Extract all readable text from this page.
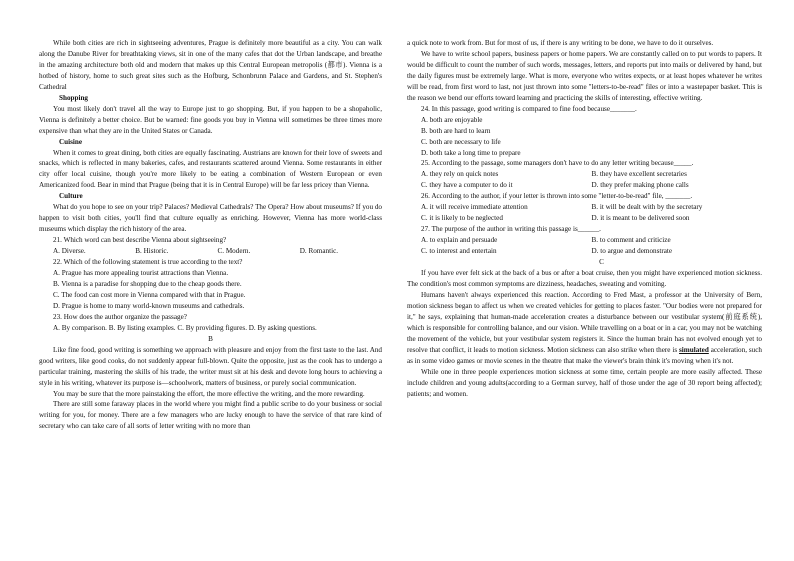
While both cities are rich in sightseeing adventures, Prague is definitely more beautiful as a city. You can walk along the Danube River for breathtaking views, sit in one of the many cafes that dot the Urban landscape, and breathe in the amazing architecture both old and modern that makes up this Central European metropolis (都市). Vienna is a hotbed of history, home to such great sites such as the Hofburg, Schonbrunn Palace and Gardens, and St. Stephen's Cathedral

Shopping

You most likely don't travel all the way to Europe just to go shopping. But, if you happen to be a shopaholic, Vienna is definitely a better choice. But be warned: fine goods you buy in Vienna will sometimes be three times more expensive than what they are in the United States or Canada.

Cuisine

When it comes to great dining, both cities are equally fascinating. Austrians are known for their love of sweets and snacks, which is reflected in many bakeries, cafes, and restaurants scattered around Vienna. Some restaurants in either city offer local cuisine, though you're more likely to be eating a combination of Western European or even Americanized food. Bear in mind that Prague (being that it is in Central Europe) will be far less pricey than Vienna.

Culture

What do you hope to see on your trip? Palaces? Medieval Cathedrals? The Opera? How about museums? If you do happen to visit both cities, you'll find that culture equally as enriching. However, Vienna has more world-class museums which display the rich history of the area.

21. Which word can best describe Vienna about sightseeing?

A. Diverse.	B. Historic.	C. Modern.	D. Romantic.

22. Which of the following statement is true according to the text?

A. Prague has more appealing tourist attractions than Vienna.

B. Vienna is a paradise for shopping due to the cheap goods there.

C. The food can cost more in Vienna compared with that in Prague.

D. Prague is home to many world-known museums and cathedrals.

23. How does the author organize the passage?

A. By comparison. B. By listing examples. C. By providing figures. D. By asking questions.

B

Like fine food, good writing is something we approach with pleasure and enjoy from the first taste to the last. And good writers, like good cooks, do not suddenly appear full-blown. Quite the opposite, just as the cook has to undergo a particular training, mastering the skills of his trade, the writer must sit at his desk and devote long hours to achieving a style in his writing, whatever its purpose is—schoolwork, matters of business, or purely social communication.

You may be sure that the more painstaking the effort, the more effective the writing, and the more rewarding.

There are still some faraway places in the world where you might find a public scribe to do your business or social writing for you, for money. There are a few managers who are lucky enough to have the service of that rare kind of secretary who can take care of all sorts of letter writing with no more than

a quick note to work from. But for most of us, if there is any writing to be done, we have to do it ourselves.

We have to write school papers, business papers or home papers. We are constantly called on to put words to papers. It would be difficult to count the number of such words, messages, letters, and reports put into mails or delivered by hand, but the daily figures must be extremely large. What is more, everyone who writes expects, or at least hopes whatever he writes will be read, from first word to last, not just thrown into some "letters-to-be-read" files or into a wastepaper basket. This is the reason we bend our efforts toward learning and practicing the skills of interesting, effective writing.

24. In this passage, good writing is compared to fine food because_______.

A. both are enjoyable

B. both are hard to learn

C. both are necessary to life

D. both take a long time to prepare

25. According to the passage, some managers don't have to do any letter writing because_____.

A. they rely on quick notes	B. they have excellent secretaries
C. they have a computer to do it	D. they prefer making phone calls

26. According to the author, if your letter is thrown into some "letter-to-be-read" file, _______.

A. it will receive immediate attention	B. it will be dealt with by the secretary
C. it is likely to be neglected	D. it is meant to be delivered soon

27. The purpose of the author in writing this passage is______.

A. to explain and persuade	B. to comment and criticize
C. to interest and entertain	D. to argue and demonstrate

C

If you have ever felt sick at the back of a bus or after a boat cruise, then you might have experienced motion sickness. The condition's most common symptoms are dizziness, headaches, sweating and vomiting.

Humans haven't always experienced this reaction. According to Fred Mast, a professor at the University of Bern, motion sickness began to affect us when we created vehicles for getting to places faster. "Our bodies were not prepared for it," he says, explaining that human-made acceleration creates a disturbance between our vestibular system(前庭系统), which is responsible for controlling balance, and our vision. While travelling on a boat or in a car, you may not be watching the movement of the vehicle, but your vestibular system registers it. Since the human brain has not evolved enough yet to resolve that conflict, it leads to motion sickness. Motion sickness can also strike when there is simulated acceleration, such as in some video games or movie scenes in the theatre that make the viewer's brain think it's moving when it's not.

While one in three people experiences motion sickness at some time, certain people are more easily affected. These include children and young adults(according to a German survey, half of those under the age of 30 report being affected); patients; and women.
